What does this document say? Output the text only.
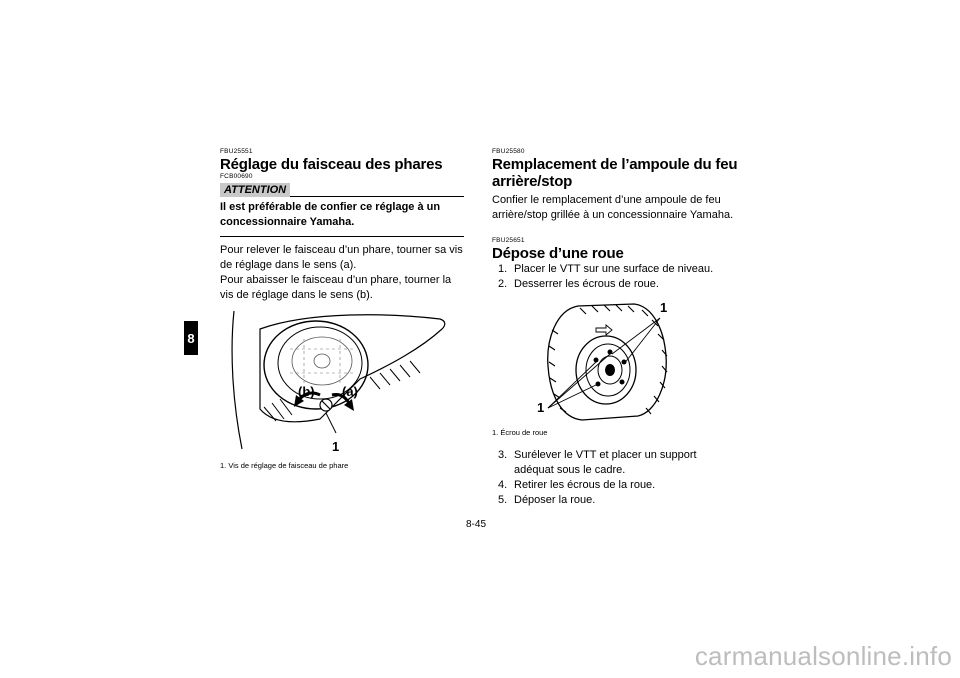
8
FBU25551
Réglage du faisceau des phares
FCB00690
ATTENTION
Il est préférable de confier ce réglage à un concessionnaire Yamaha.

Pour relever le faisceau d’un phare, tourner sa vis de réglage dans le sens (a).

Pour abaisser le faisceau d’un phare, tourner la vis de réglage dans le sens (b).

(b) (a)
1
1. Vis de réglage de faisceau de phare
FBU25580
Remplacement de l’ampoule du feu arrière/stop

Confier le remplacement d’une ampoule de feu arrière/stop grillée à un concessionnaire Yamaha.

FBU25651
Dépose d’une roue
1. Placer le VTT sur une surface de niveau.
2. Desserrer les écrous de roue.
1
1
1. Écrou de roue
3. Surélever le VTT et placer un support adéquat sous le cadre.
4. Retirer les écrous de la roue.
5. Déposer la roue.
8-45
carmanualsonline.info
